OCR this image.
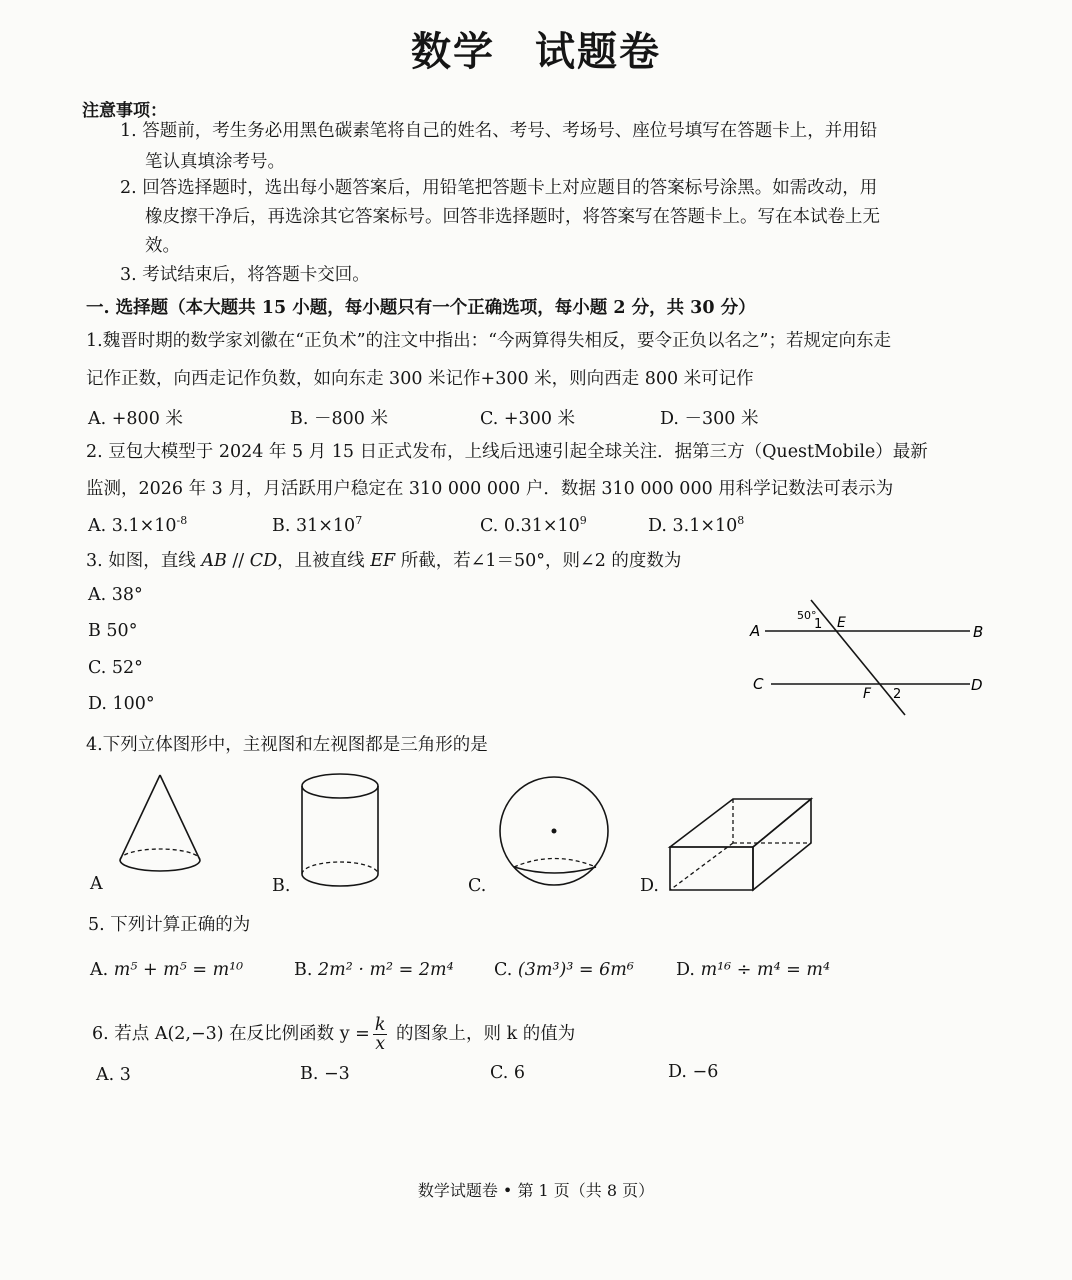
数学 试题卷
注意事项：
1. 答题前，考生务必用黑色碳素笔将自己的姓名、考号、考场号、座位号填写在答题卡上，并用铅
笔认真填涂考号。
2. 回答选择题时，选出每小题答案后，用铅笔把答题卡上对应题目的答案标号涂黑。如需改动，用
橡皮擦干净后，再选涂其它答案标号。回答非选择题时，将答案写在答题卡上。写在本试卷上无
效。
3. 考试结束后，将答题卡交回。
一. 选择题（本大题共 15 小题，每小题只有一个正确选项，每小题 2 分，共 30 分）
1.魏晋时期的数学家刘徽在“正负术”的注文中指出：“今两算得失相反，要令正负以名之”；若规定向东走
记作正数，向西走记作负数，如向东走 300 米记作+300 米，则向西走 800 米可记作
A. +800 米	B. －800 米	C. +300 米	D. －300 米
2. 豆包大模型于 2024 年 5 月 15 日正式发布，上线后迅速引起全球关注．据第三方（QuestMobile）最新
监测，2026 年 3 月，月活跃用户稳定在 310 000 000 户．数据 310 000 000 用科学记数法可表示为
A. $3.1\times 10^{-8}$	B. $31\times 10^7$	C. $0.31\times 10^9$	D. $3.1\times 10^8$
3. 如图，直线 AB // CD，且被直线 EF 所截，若∠1＝50°，则∠2 的度数为
A. 38°
B 50°
C. 52°
D. 100°
A	B
C	D
E
F
1
2
50°
4.下列立体图形中，主视图和左视图都是三角形的是
A	B.	C.	D.
5. 下列计算正确的为
A. m⁵ + m⁵ = m¹⁰	B. 2m² · m² = 2m⁴ C. (3m³)³ = 6m⁶ D. m¹⁶ ÷ m⁴ = m⁴
6. 若点 A(2,−3) 在反比例函数 $y = \frac{k}{x}$ 的图象上，则 k 的值为
A. 3	B. −3	C. 6	D. −6
数学试题卷 • 第 1 页（共 8 页）
